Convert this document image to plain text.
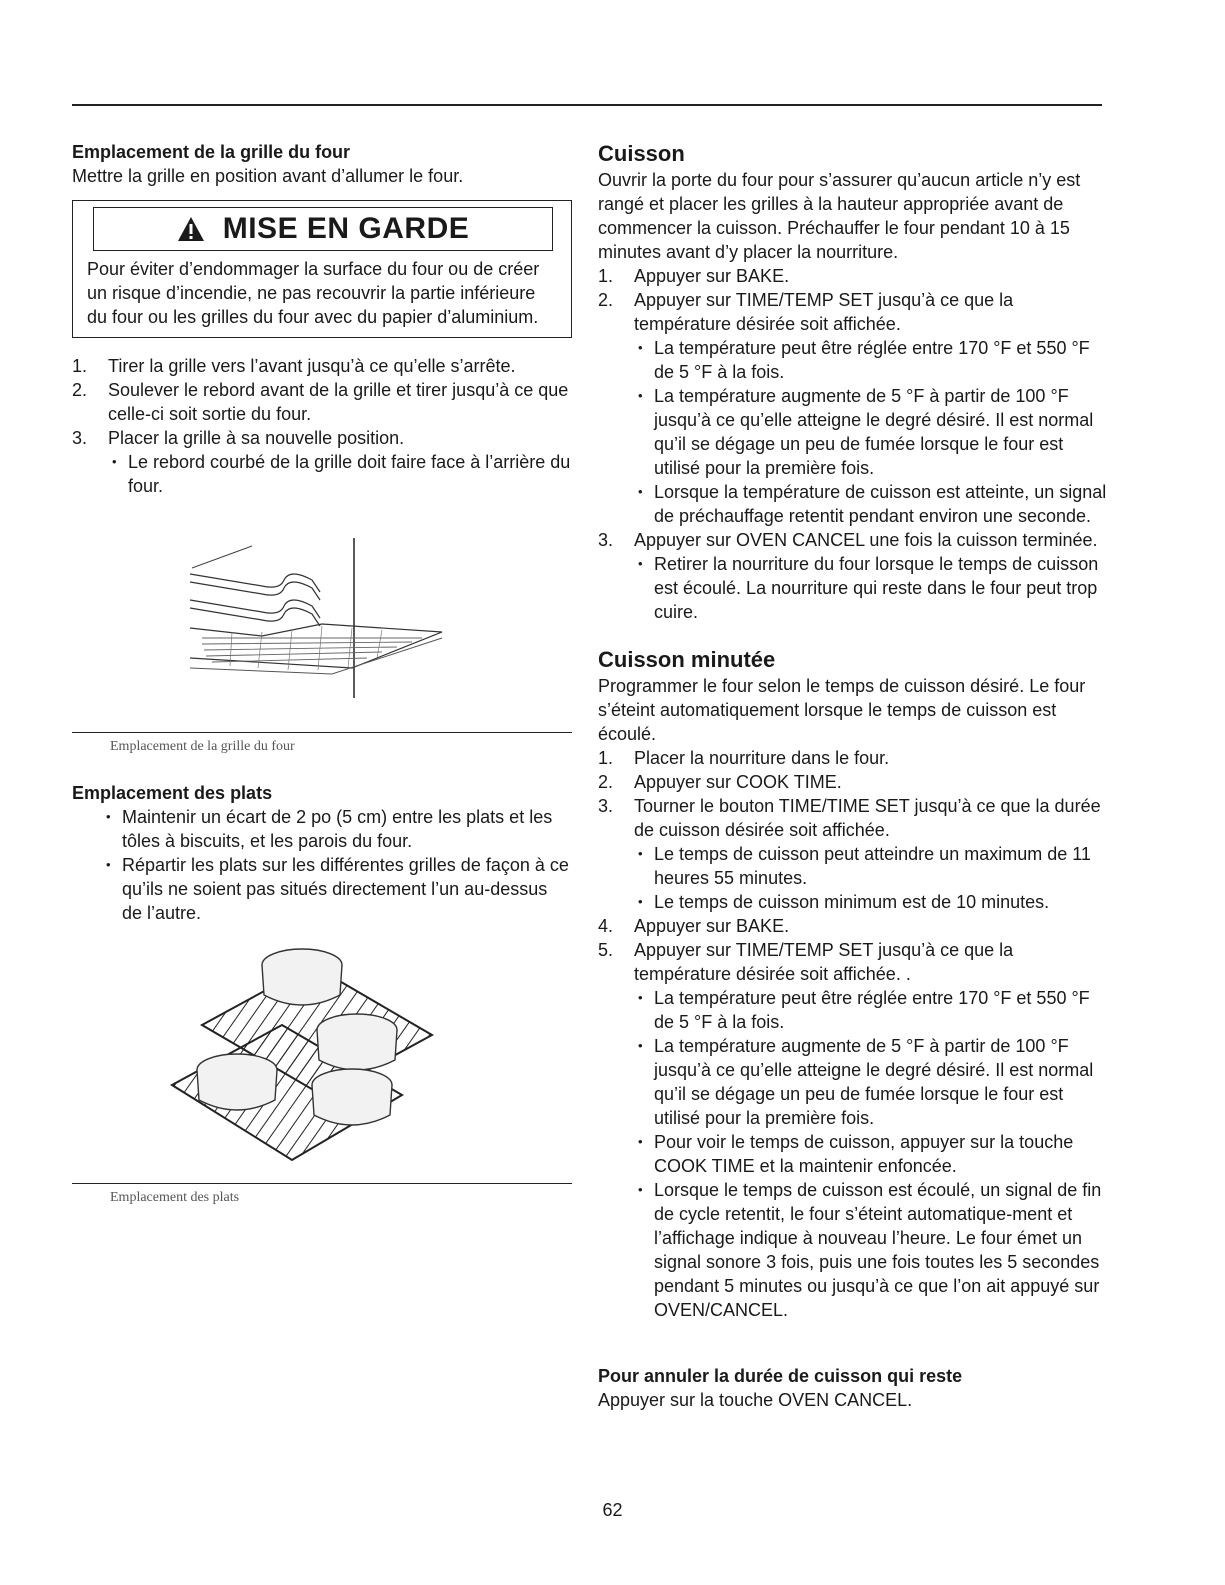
Emplacement de la grille du four
Mettre la grille en position avant d’allumer le four.
MISE EN GARDE
Pour éviter d’endommager la surface du four ou de créer un risque d’incendie, ne pas recouvrir la partie inférieure du four ou les grilles du four avec du papier d’aluminium.
1. Tirer la grille vers l’avant jusqu’à ce qu’elle s’arrête.
2. Soulever le rebord avant de la grille et tirer jusqu’à ce que celle-ci soit sortie du four.
3. Placer la grille à sa nouvelle position.
• Le rebord courbé de la grille doit faire face à l’arrière du four.
Emplacement de la grille du four
Emplacement des plats
• Maintenir un écart de 2 po (5 cm) entre les plats et les tôles à biscuits, et les parois du four.
• Répartir les plats sur les différentes grilles de façon à ce qu’ils ne soient pas situés directement l’un au-dessus de l’autre.
Emplacement des plats
Cuisson
Ouvrir la porte du four pour s’assurer qu’aucun article n’y est rangé et placer les grilles à la hauteur appropriée avant de commencer la cuisson. Préchauffer le four pendant 10 à 15 minutes avant d’y placer la nourriture.
1. Appuyer sur BAKE.
2. Appuyer sur TIME/TEMP SET jusqu’à ce que la température désirée soit affichée.
• La température peut être réglée entre 170 °F et 550 °F de 5 °F à la fois.
• La température augmente de 5 °F à partir de 100 °F jusqu’à ce qu’elle atteigne le degré désiré. Il est normal qu’il se dégage un peu de fumée lorsque le four est utilisé pour la première fois.
• Lorsque la température de cuisson est atteinte, un signal de préchauffage retentit pendant environ une seconde.
3. Appuyer sur OVEN CANCEL une fois la cuisson terminée.
• Retirer la nourriture du four lorsque le temps de cuisson est écoulé. La nourriture qui reste dans le four peut trop cuire.
Cuisson minutée
Programmer le four selon le temps de cuisson désiré. Le four s’éteint automatiquement lorsque le temps de cuisson est écoulé.
1. Placer la nourriture dans le four.
2. Appuyer sur COOK TIME.
3. Tourner le bouton TIME/TIME SET jusqu’à ce que la durée de cuisson désirée soit affichée.
• Le temps de cuisson peut atteindre un maximum de 11 heures 55 minutes.
• Le temps de cuisson minimum est de 10 minutes.
4. Appuyer sur BAKE.
5. Appuyer sur TIME/TEMP SET jusqu’à ce que la température désirée soit affichée. .
• La température peut être réglée entre 170 °F et 550 °F de 5 °F à la fois.
• La température augmente de 5 °F à partir de 100 °F jusqu’à ce qu’elle atteigne le degré désiré. Il est normal qu’il se dégage un peu de fumée lorsque le four est utilisé pour la première fois.
• Pour voir le temps de cuisson, appuyer sur la touche COOK TIME et la maintenir enfoncée.
• Lorsque le temps de cuisson est écoulé, un signal de fin de cycle retentit, le four s’éteint automatique-ment et l’affichage indique à nouveau l’heure. Le four émet un signal sonore 3 fois, puis une fois toutes les 5 secondes pendant 5 minutes ou jusqu’à ce que l’on ait appuyé sur OVEN/CANCEL.
Pour annuler la durée de cuisson qui reste
Appuyer sur la touche OVEN CANCEL.
62
